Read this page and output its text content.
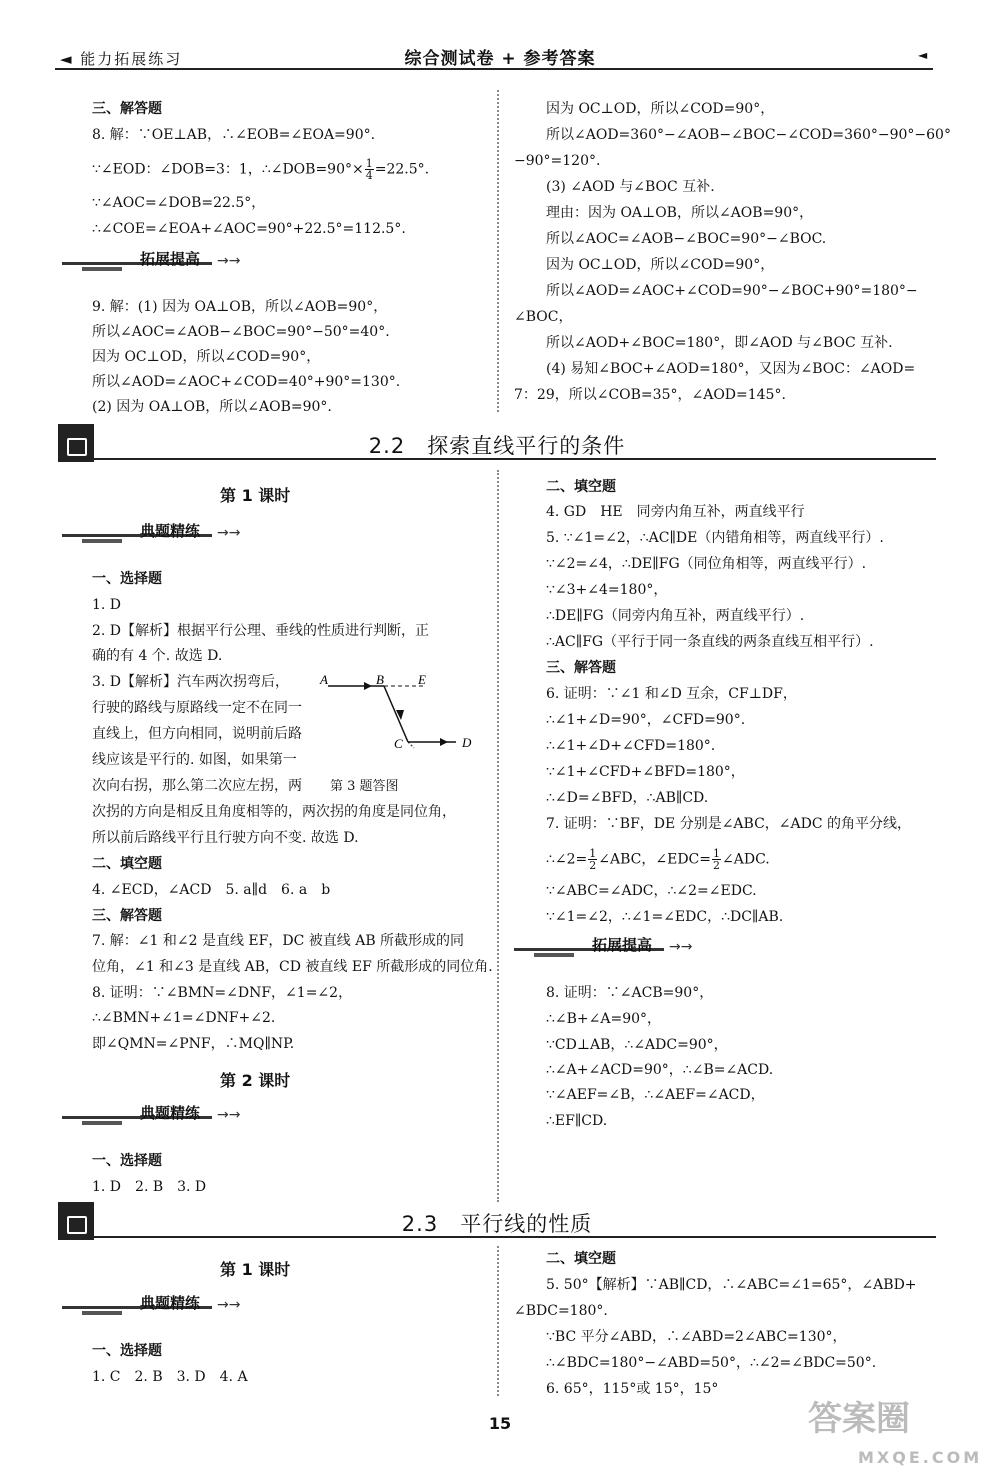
◄ 能力拓展练习	综合测试卷 + 参考答案	◄
三、解答题
8. 解：∵OE⊥AB，∴∠EOB=∠EOA=90°.
∵∠EOD：∠DOB=3：1，∴∠DOB=90°× $\frac{1}{4} =22.5^\circ$.
∵∠AOC=∠DOB=22.5°，
∴∠COE=∠EOA+∠AOC=90°+22.5°=112.5°.
拓展提高 →→
9. 解：(1) 因为 OA⊥OB，所以∠AOB=90°，
所以∠AOC=∠AOB−∠BOC=90°−50°=40°.
因为 OC⊥OD，所以∠COD=90°，
所以∠AOD=∠AOC+∠COD=40°+90°=130°.
(2) 因为 OA⊥OB，所以∠AOB=90°.
因为 OC⊥OD，所以∠COD=90°，
所以∠AOD=360°−∠AOB−∠BOC−∠COD=360°−90°−60°
−90°=120°.
(3) ∠AOD 与∠BOC 互补.
理由：因为 OA⊥OB，所以∠AOB=90°，
所以∠AOC=∠AOB−∠BOC=90°−∠BOC.
因为 OC⊥OD，所以∠COD=90°，
所以∠AOD=∠AOC+∠COD=90°−∠BOC+90°=180°−
∠BOC，
所以∠AOD+∠BOC=180°，即∠AOD 与∠BOC 互补.
(4) 易知∠BOC+∠AOD=180°，又因为∠BOC：∠AOD=
7：29，所以∠COB=35°，∠AOD=145°.
2.2　探索直线平行的条件
第 1 课时
典题精练 →→
一、选择题
1. D
2. D【解析】根据平行公理、垂线的性质进行判断，正
确的有 4 个. 故选 D.
3. D【解析】汽车两次拐弯后，
行驶的路线与原路线一定不在同一
直线上，但方向相同，说明前后路
线应该是平行的. 如图，如果第一
次向右拐，那么第二次应左拐，两
次拐的方向是相反且角度相等的，两次拐的角度是同位角，
所以前后路线平行且行驶方向不变. 故选 D.
A	B	E
C	D
第 3 题答图
二、填空题
4. ∠ECD，∠ACD　5. a∥d　6. a　b
三、解答题
7. 解：∠1 和∠2 是直线 EF，DC 被直线 AB 所截形成的同
位角，∠1 和∠3 是直线 AB，CD 被直线 EF 所截形成的同位角.
8. 证明：∵∠BMN=∠DNF，∠1=∠2，
∴∠BMN+∠1=∠DNF+∠2.
即∠QMN=∠PNF，∴MQ∥NP.
第 2 课时
典题精练 →→
一、选择题
1. D　2. B　3. D
二、填空题
4. GD　HE　同旁内角互补，两直线平行
5. ∵∠1=∠2，∴AC∥DE（内错角相等，两直线平行）.
∵∠2=∠4，∴DE∥FG（同位角相等，两直线平行）.
∵∠3+∠4=180°，
∴DE∥FG（同旁内角互补，两直线平行）.
∴AC∥FG（平行于同一条直线的两条直线互相平行）.
三、解答题
6. 证明：∵∠1 和∠D 互余，CF⊥DF，
∴∠1+∠D=90°，∠CFD=90°.
∴∠1+∠D+∠CFD=180°.
∵∠1+∠CFD+∠BFD=180°，
∴∠D=∠BFD，∴AB∥CD.
7. 证明：∵BF，DE 分别是∠ABC，∠ADC 的角平分线，
∴∠2= $\frac{1}{2}$ ∠ABC，∠EDC= $\frac{1}{2}$ ∠ADC.
∵∠ABC=∠ADC，∴∠2=∠EDC.
∵∠1=∠2，∴∠1=∠EDC，∴DC∥AB.
拓展提高 →→
8. 证明：∵∠ACB=90°，
∴∠B+∠A=90°，
∵CD⊥AB，∴∠ADC=90°，
∴∠A+∠ACD=90°，∴∠B=∠ACD.
∵∠AEF=∠B，∴∠AEF=∠ACD，
∴EF∥CD.
2.3　平行线的性质
第 1 课时
典题精练 →→
一、选择题
1. C　2. B　3. D　4. A
二、填空题
5. 50°【解析】∵AB∥CD，∴∠ABC=∠1=65°，∠ABD+
∠BDC=180°.
∵BC 平分∠ABD，∴∠ABD=2∠ABC=130°，
∴∠BDC=180°−∠ABD=50°，∴∠2=∠BDC=50°.
6. 65°，115°或 15°，15°
15	答案圈
MXQE.COM
